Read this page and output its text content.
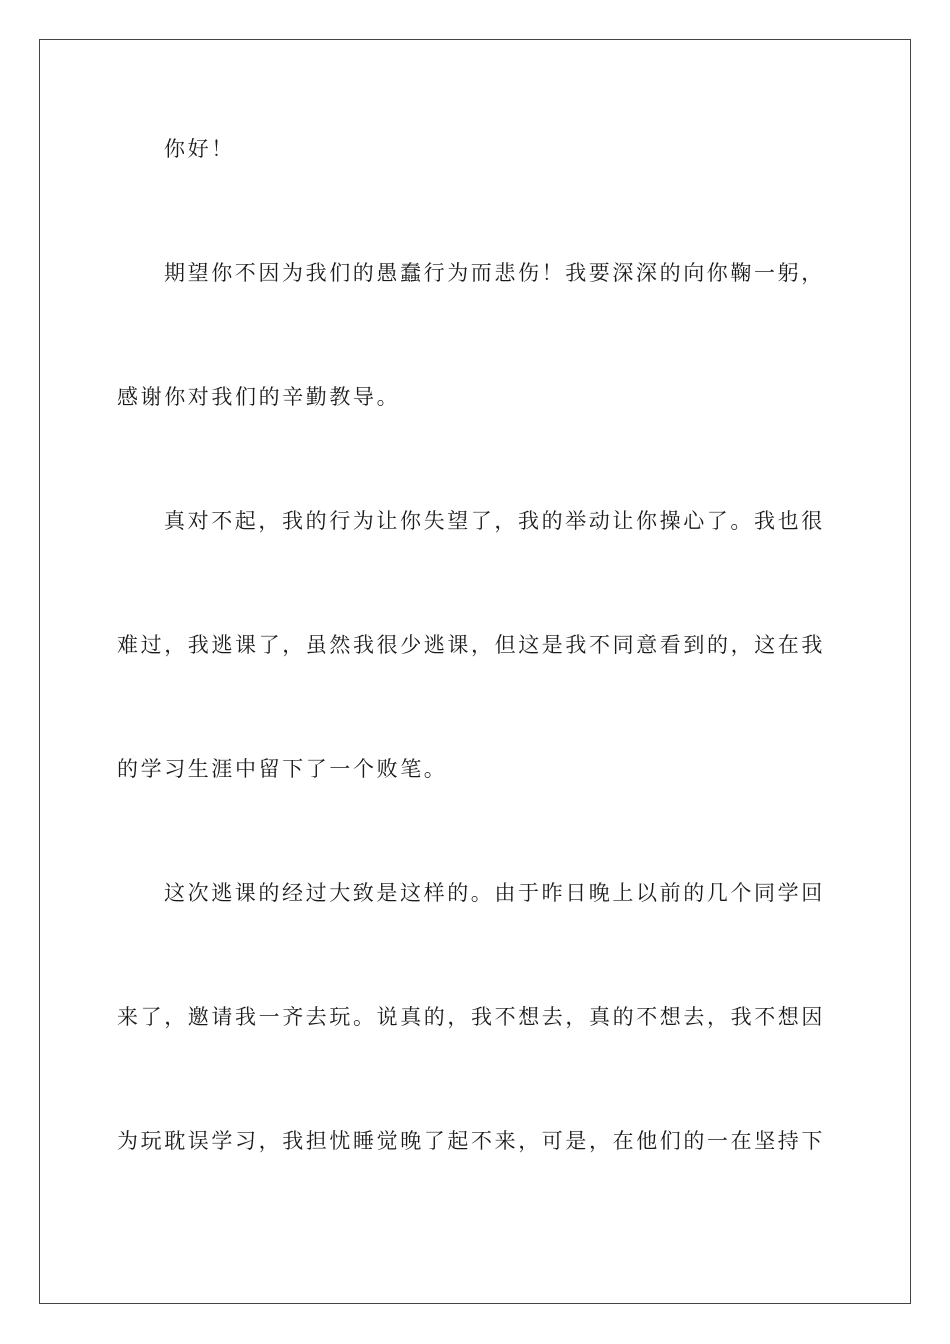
你好！
期望你不因为我们的愚蠢行为而悲伤！我要深深的向你鞠一躬，
感谢你对我们的辛勤教导。
真对不起，我的行为让你失望了，我的举动让你操心了。我也很
难过，我逃课了，虽然我很少逃课，但这是我不同意看到的，这在我
的学习生涯中留下了一个败笔。
这次逃课的经过大致是这样的。由于昨日晚上以前的几个同学回
来了，邀请我一齐去玩。说真的，我不想去，真的不想去，我不想因
为玩耽误学习，我担忧睡觉晚了起不来，可是，在他们的一在坚持下
